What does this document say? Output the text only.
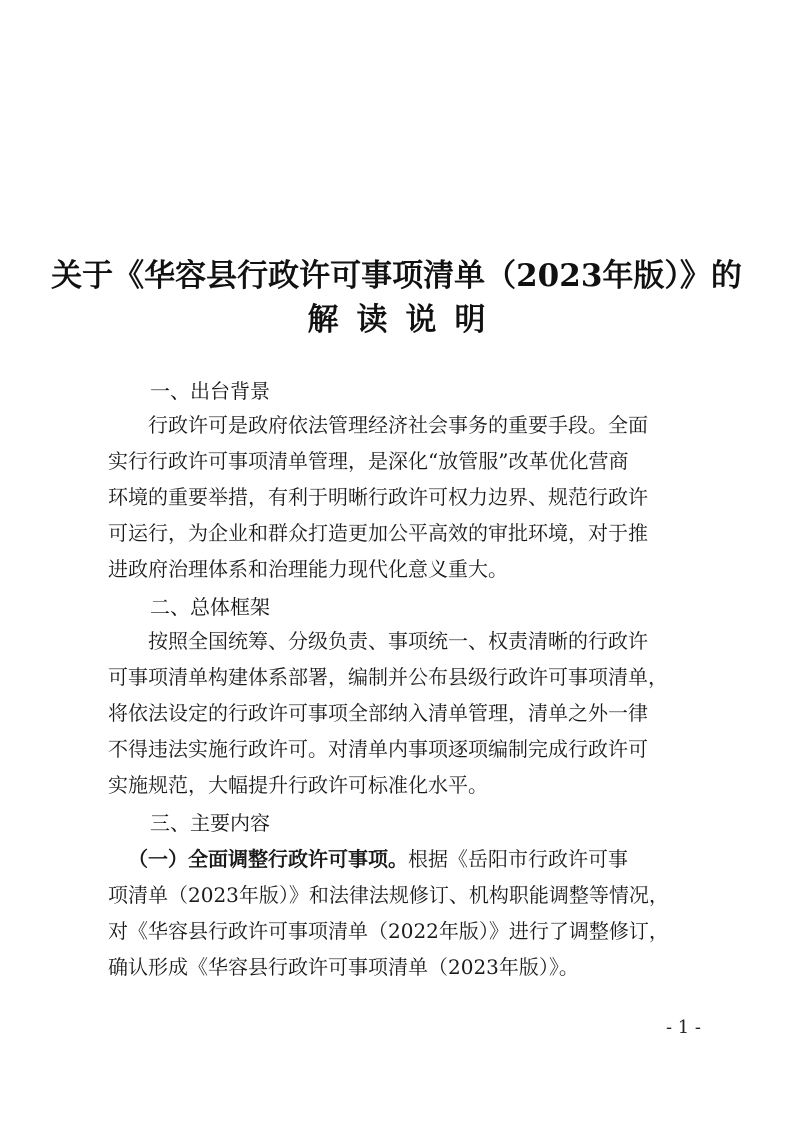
关于《华容县行政许可事项清单（2023年版）》的
解读说明
一、出台背景
行政许可是政府依法管理经济社会事务的重要手段。全面
实行行政许可事项清单管理，是深化“放管服”改革优化营商
环境的重要举措，有利于明晰行政许可权力边界、规范行政许
可运行，为企业和群众打造更加公平高效的审批环境，对于推
进政府治理体系和治理能力现代化意义重大。
二、总体框架
按照全国统筹、分级负责、事项统一、权责清晰的行政许
可事项清单构建体系部署，编制并公布县级行政许可事项清单，
将依法设定的行政许可事项全部纳入清单管理，清单之外一律
不得违法实施行政许可。对清单内事项逐项编制完成行政许可
实施规范，大幅提升行政许可标准化水平。
三、主要内容
（一）全面调整行政许可事项。根据《岳阳市行政许可事
项清单（2023年版）》和法律法规修订、机构职能调整等情况，
对《华容县行政许可事项清单（2022年版）》进行了调整修订，
确认形成《华容县行政许可事项清单（2023年版）》。
- 1 -
